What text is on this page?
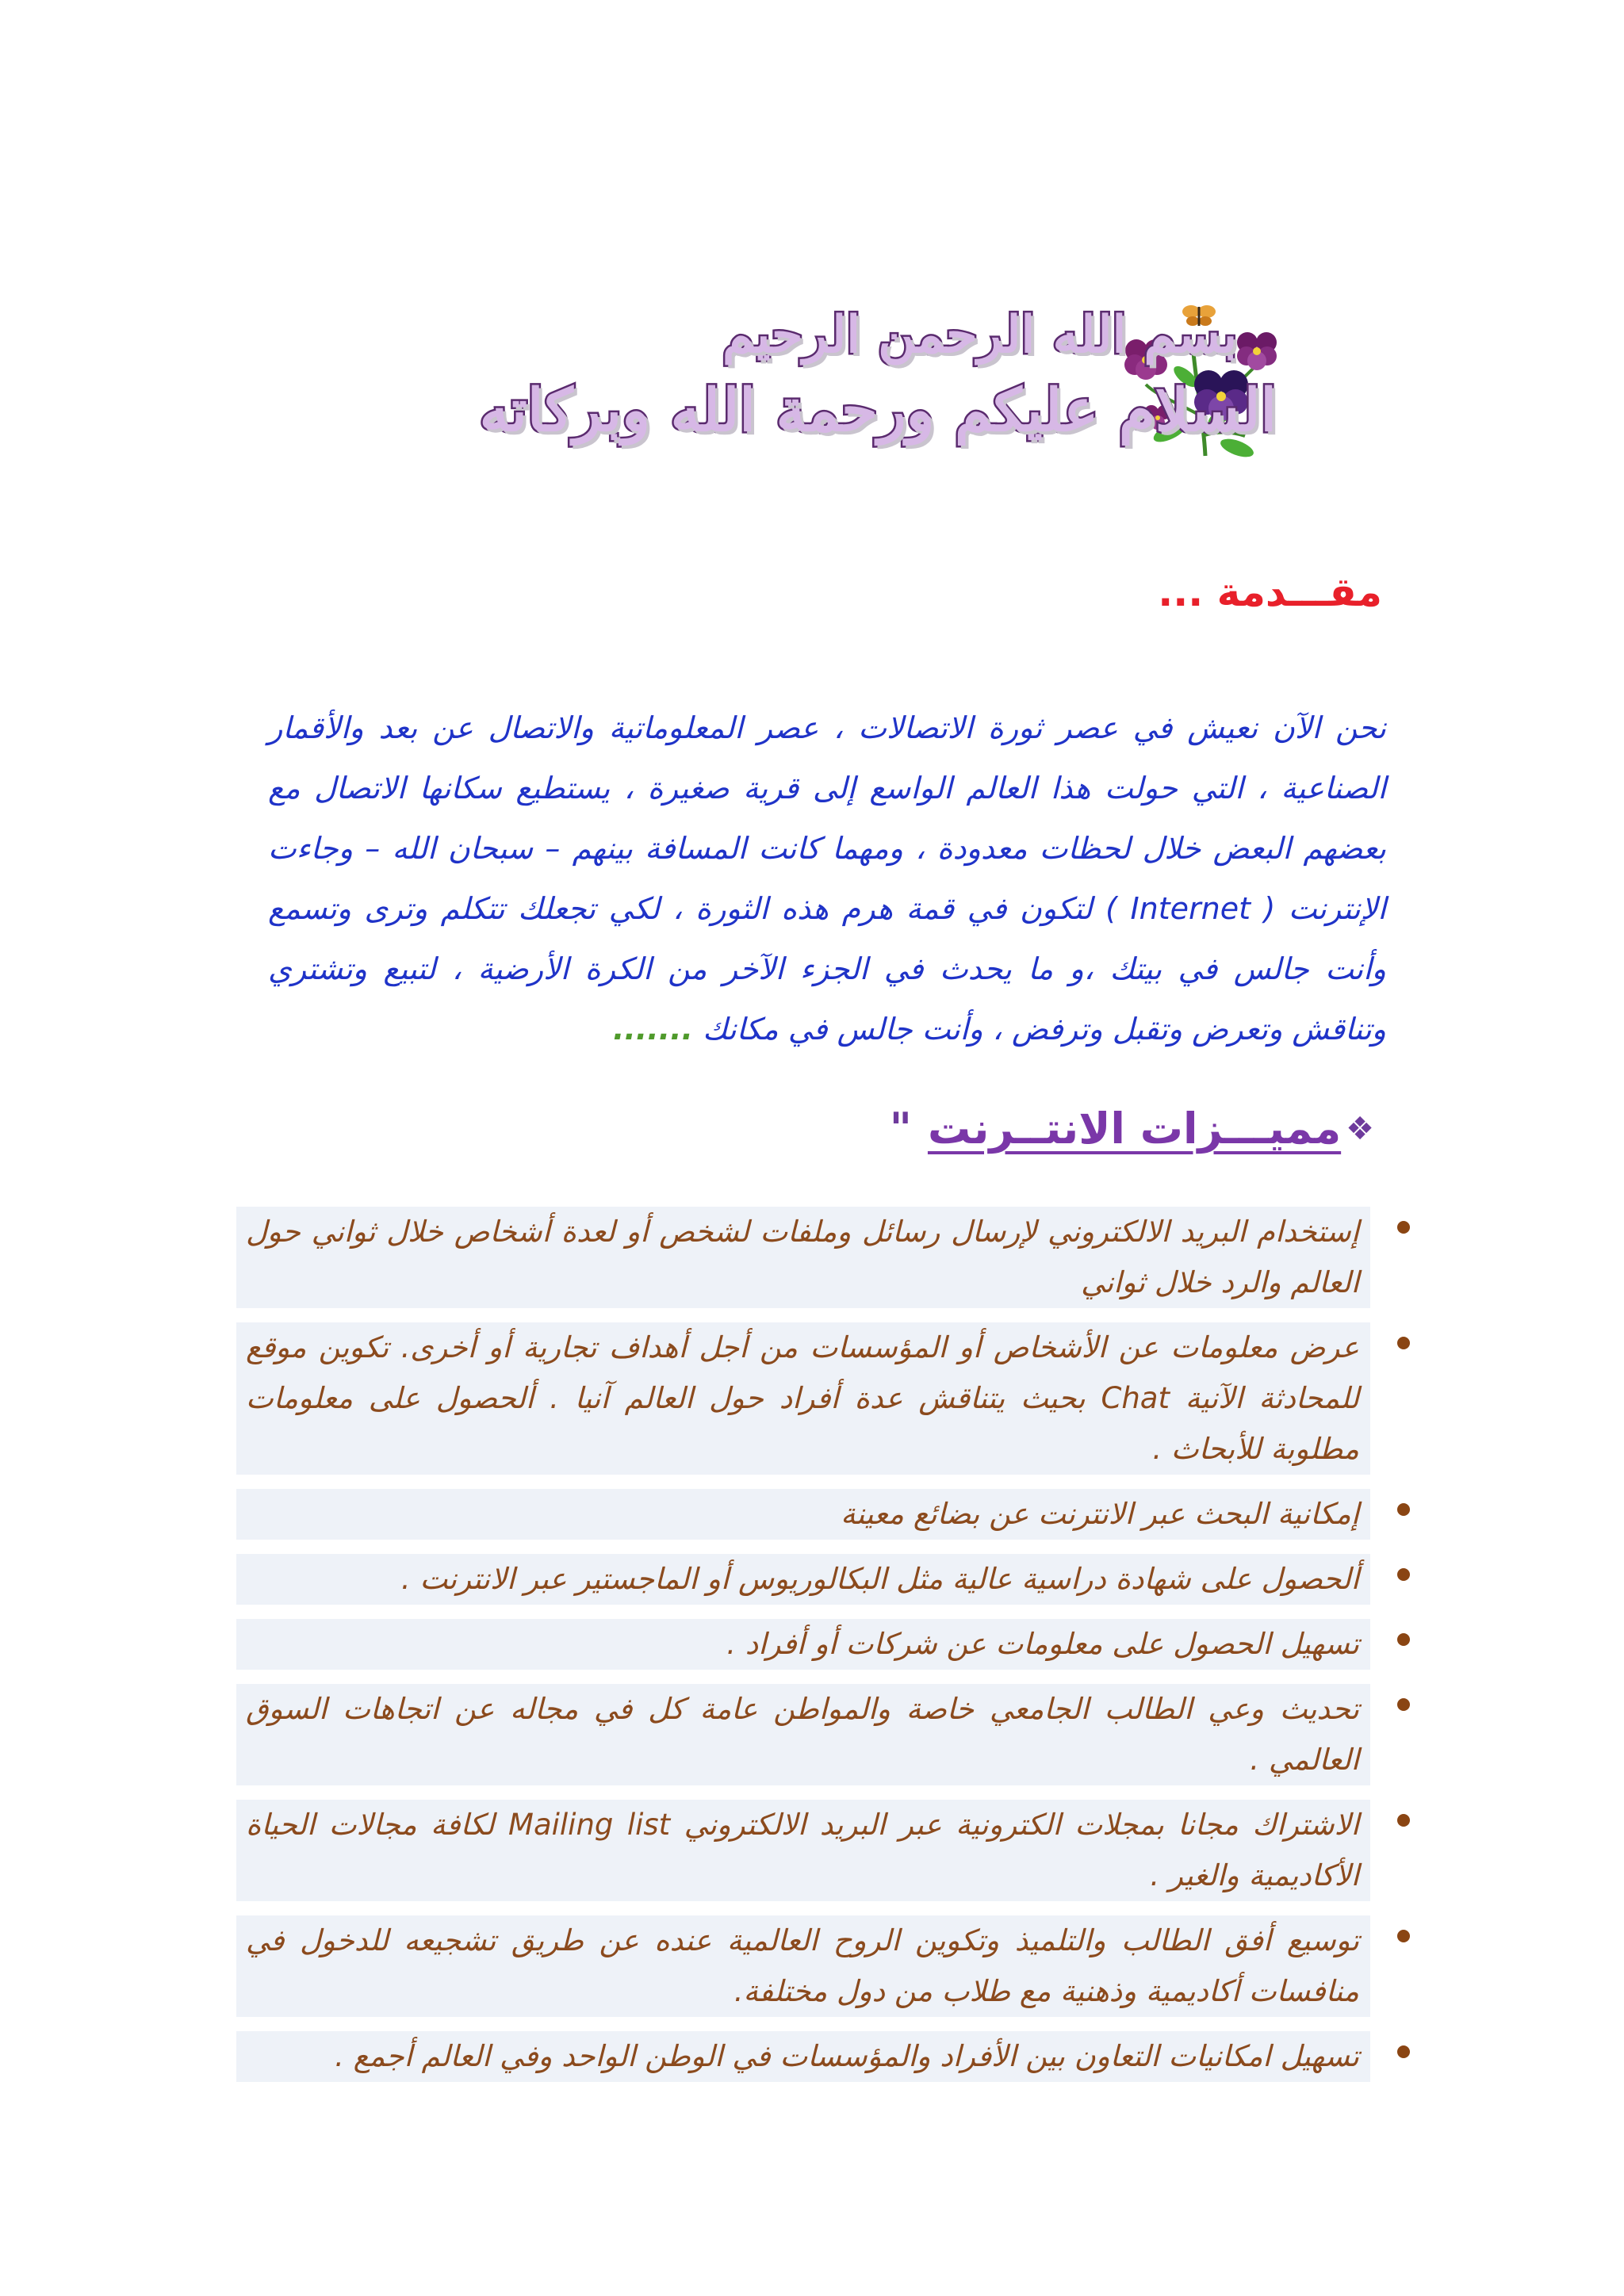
بسم الله الرحمن الرحيم
السلام عليكم ورحمة الله وبركاته
مقـــدمة ...

نحن الآن نعيش في عصر ثورة الاتصالات ، عصر المعلوماتية والاتصال عن بعد والأقمار الصناعية ، التي حولت هذا العالم الواسع إلى قرية صغيرة ، يستطيع سكانها الاتصال مع بعضهم البعض خلال لحظات معدودة ، ومهما كانت المسافة بينهم – سبحان الله – وجاءت الإنترنت ( Internet ) لتكون في قمة هرم هذه الثورة ، لكي تجعلك تتكلم وترى وتسمع وأنت جالس في بيتك ،و ما يحدث في الجزء الآخر من الكرة الأرضية ، لتبيع وتشتري وتناقش وتعرض وتقبل وترفض ، وأنت جالس في مكانك .......

❖
مميـــزات الانتــرنت
"
إستخدام البريد الالكتروني لإرسال رسائل وملفات لشخص أو لعدة أشخاص خلال ثواني حول العالم والرد خلال ثواني
عرض معلومات عن الأشخاص أو المؤسسات من أجل أهداف تجارية أو أخرى. تكوين موقع للمحادثة الآنية Chat بحيث يتناقش عدة أفراد حول العالم آنيا . ألحصول على معلومات مطلوبة للأبحاث .
إمكانية البحث عبر الانترنت عن بضائع معينة
ألحصول على شهادة دراسية عالية مثل البكالوريوس أو الماجستير عبر الانترنت .
تسهيل الحصول على معلومات عن شركات أو أفراد .
تحديث وعي الطالب الجامعي خاصة والمواطن عامة كل في مجاله عن اتجاهات السوق العالمي .
الاشتراك مجانا بمجلات الكترونية عبر البريد الالكتروني Mailing list لكافة مجالات الحياة الأكاديمية والغير .
توسيع أفق الطالب والتلميذ وتكوين الروح العالمية عنده عن طريق تشجيعه للدخول في منافسات أكاديمية وذهنية مع طلاب من دول مختلفة.
تسهيل امكانيات التعاون بين الأفراد والمؤسسات في الوطن الواحد وفي العالم أجمع .
